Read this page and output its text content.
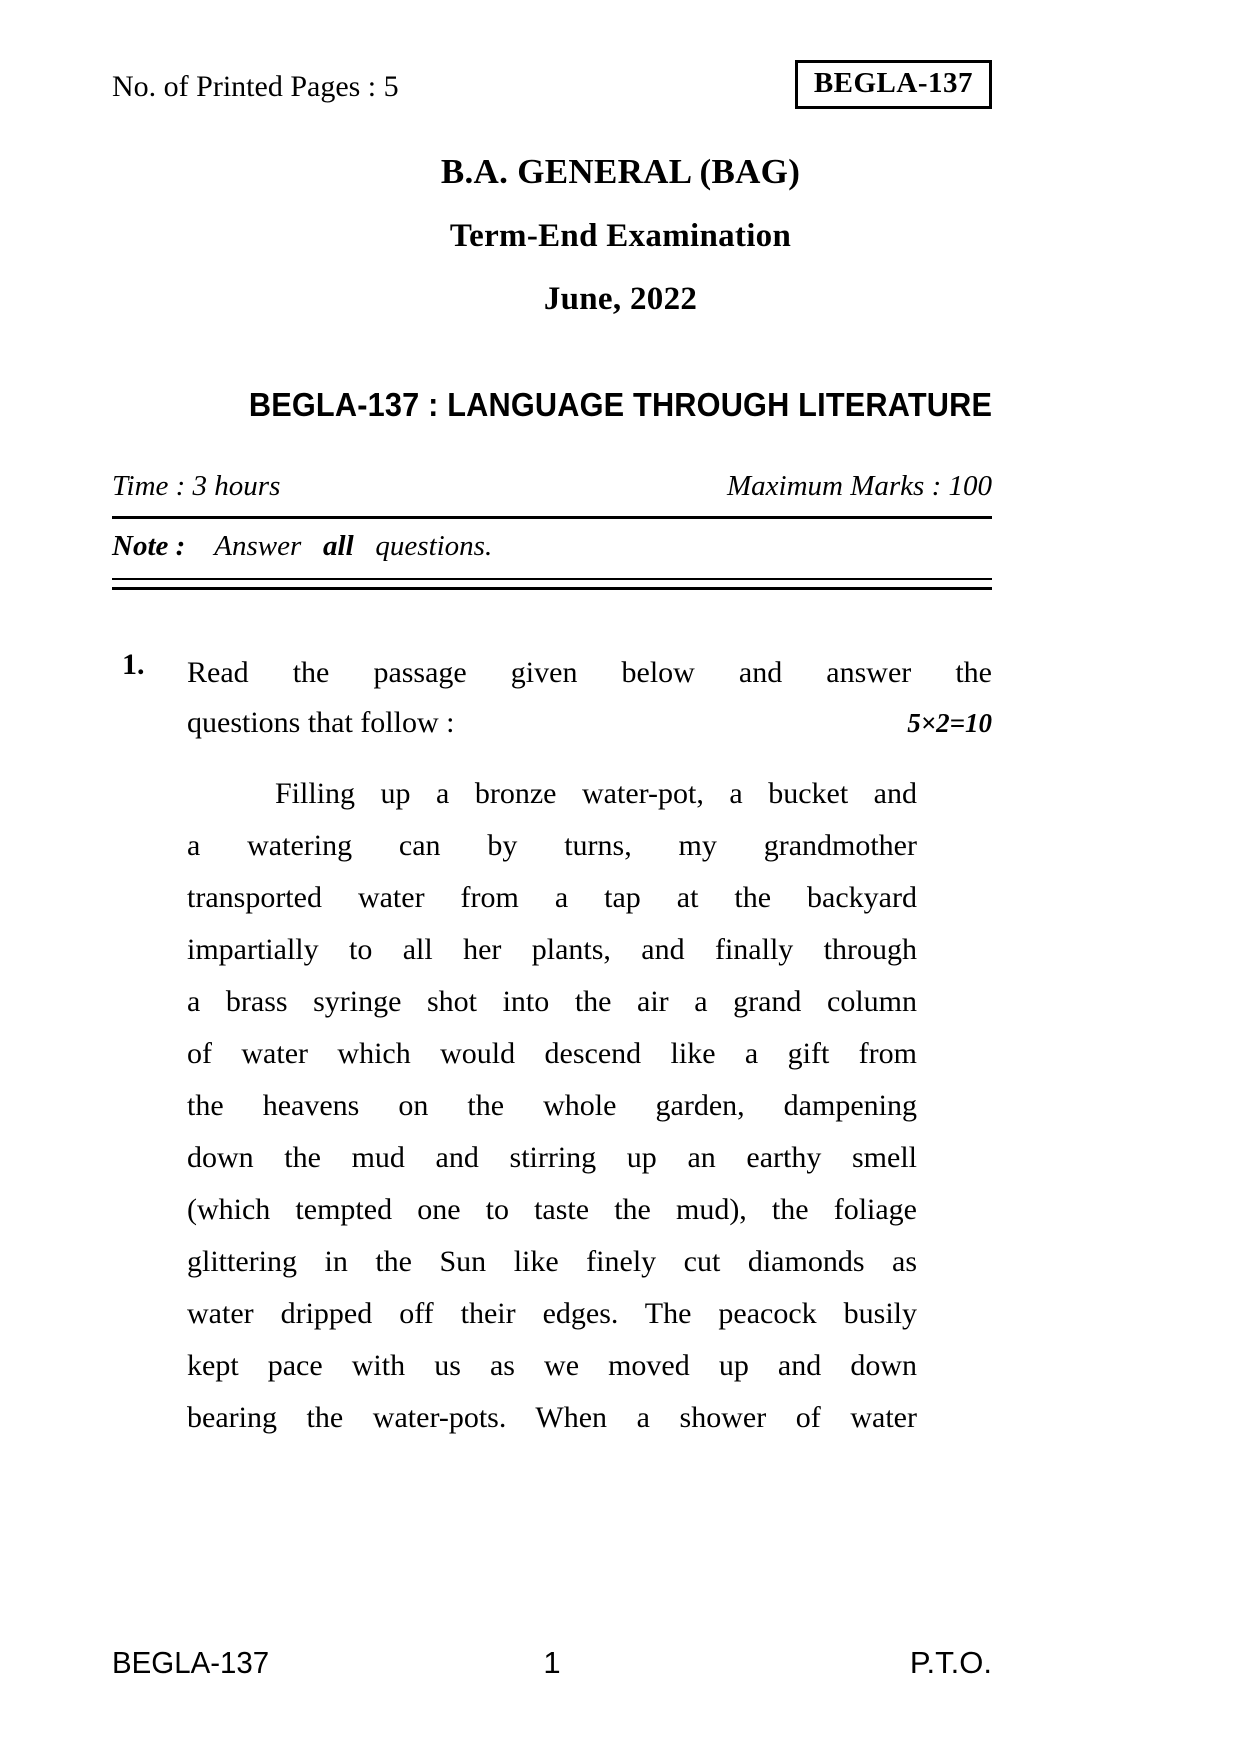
No. of Printed Pages : 5	BEGLA-137
B.A. GENERAL (BAG)
Term-End Examination
June, 2022
BEGLA-137 : LANGUAGE THROUGH LITERATURE
Time : 3 hours	Maximum Marks : 100
Note : Answer all questions.
1. Read the passage given below and answer the
questions that follow :	5×2=10
Filling up a bronze water-pot, a bucket and
a watering can by turns, my grandmother
transported water from a tap at the backyard
impartially to all her plants, and finally through
a brass syringe shot into the air a grand column
of water which would descend like a gift from
the heavens on the whole garden, dampening
down the mud and stirring up an earthy smell
(which tempted one to taste the mud), the foliage
glittering in the Sun like finely cut diamonds as
water dripped off their edges. The peacock busily
kept pace with us as we moved up and down
bearing the water-pots. When a shower of water
BEGLA-137	1	P.T.O.
